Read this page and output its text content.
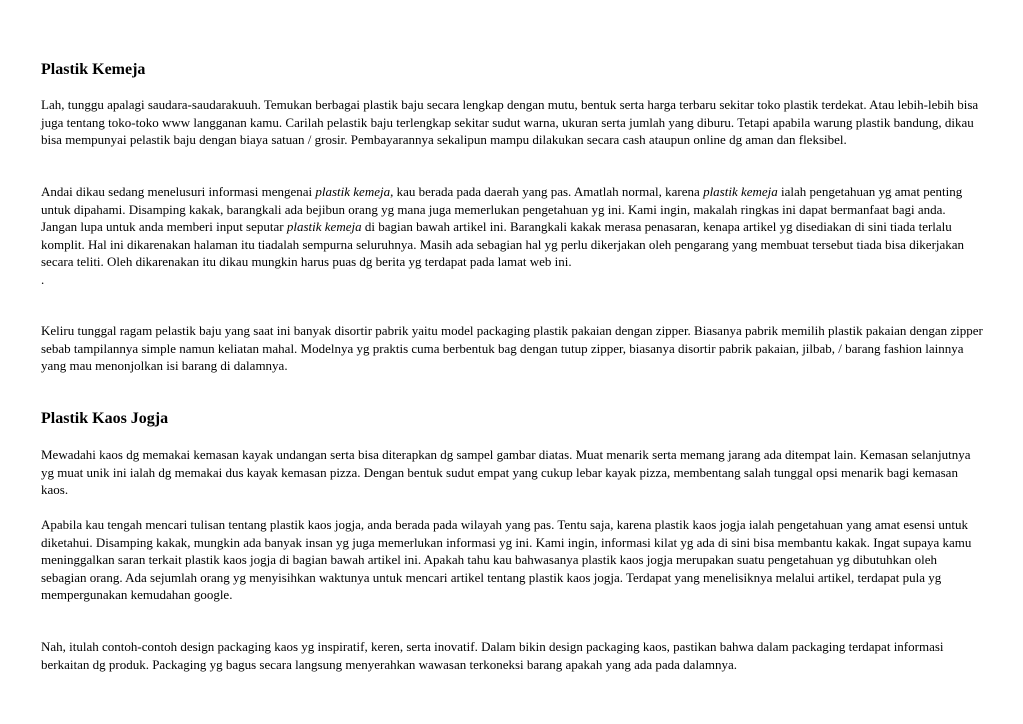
Plastik Kemeja

Lah, tunggu apalagi saudara-saudarakuuh. Temukan berbagai plastik baju secara lengkap dengan mutu, bentuk serta harga terbaru sekitar toko plastik terdekat. Atau lebih-lebih bisa juga tentang toko-toko www langganan kamu. Carilah pelastik baju terlengkap sekitar sudut warna, ukuran serta jumlah yang diburu. Tetapi apabila warung plastik bandung, dikau bisa mempunyai pelastik baju dengan biaya satuan / grosir. Pembayarannya sekalipun mampu dilakukan secara cash ataupun online dg aman dan fleksibel.

Andai dikau sedang menelusuri informasi mengenai plastik kemeja, kau berada pada daerah yang pas. Amatlah normal, karena plastik kemeja ialah pengetahuan yg amat penting untuk dipahami. Disamping kakak, barangkali ada bejibun orang yg mana juga memerlukan pengetahuan yg ini. Kami ingin, makalah ringkas ini dapat bermanfaat bagi anda. Jangan lupa untuk anda memberi input seputar plastik kemeja di bagian bawah artikel ini. Barangkali kakak merasa penasaran, kenapa artikel yg disediakan di sini tiada terlalu komplit. Hal ini dikarenakan halaman itu tiadalah sempurna seluruhnya. Masih ada sebagian hal yg perlu dikerjakan oleh pengarang yang membuat tersebut tiada bisa dikerjakan secara teliti. Oleh dikarenakan itu dikau mungkin harus puas dg berita yg terdapat pada lamat web ini.
.

Keliru tunggal ragam pelastik baju yang saat ini banyak disortir pabrik yaitu model packaging plastik pakaian dengan zipper. Biasanya pabrik memilih plastik pakaian dengan zipper sebab tampilannya simple namun keliatan mahal. Modelnya yg praktis cuma berbentuk bag dengan tutup zipper, biasanya disortir pabrik pakaian, jilbab, / barang fashion lainnya yang mau menonjolkan isi barang di dalamnya.

Plastik Kaos Jogja

Mewadahi kaos dg memakai kemasan kayak undangan serta bisa diterapkan dg sampel gambar diatas. Muat menarik serta memang jarang ada ditempat lain. Kemasan selanjutnya yg muat unik ini ialah dg memakai dus kayak kemasan pizza. Dengan bentuk sudut empat yang cukup lebar kayak pizza, membentang salah tunggal opsi menarik bagi kemasan kaos.

Apabila kau tengah mencari tulisan tentang plastik kaos jogja, anda berada pada wilayah yang pas. Tentu saja, karena plastik kaos jogja ialah pengetahuan yang amat esensi untuk diketahui. Disamping kakak, mungkin ada banyak insan yg juga memerlukan informasi yg ini. Kami ingin, informasi kilat yg ada di sini bisa membantu kakak. Ingat supaya kamu meninggalkan saran terkait plastik kaos jogja di bagian bawah artikel ini. Apakah tahu kau bahwasanya plastik kaos jogja merupakan suatu pengetahuan yg dibutuhkan oleh sebagian orang. Ada sejumlah orang yg menyisihkan waktunya untuk mencari artikel tentang plastik kaos jogja. Terdapat yang menelisiknya melalui artikel, terdapat pula yg mempergunakan kemudahan google.

Nah, itulah contoh-contoh design packaging kaos yg inspiratif, keren, serta inovatif. Dalam bikin design packaging kaos, pastikan bahwa dalam packaging terdapat informasi berkaitan dg produk. Packaging yg bagus secara langsung menyerahkan wawasan terkoneksi barang apakah yang ada pada dalamnya.
